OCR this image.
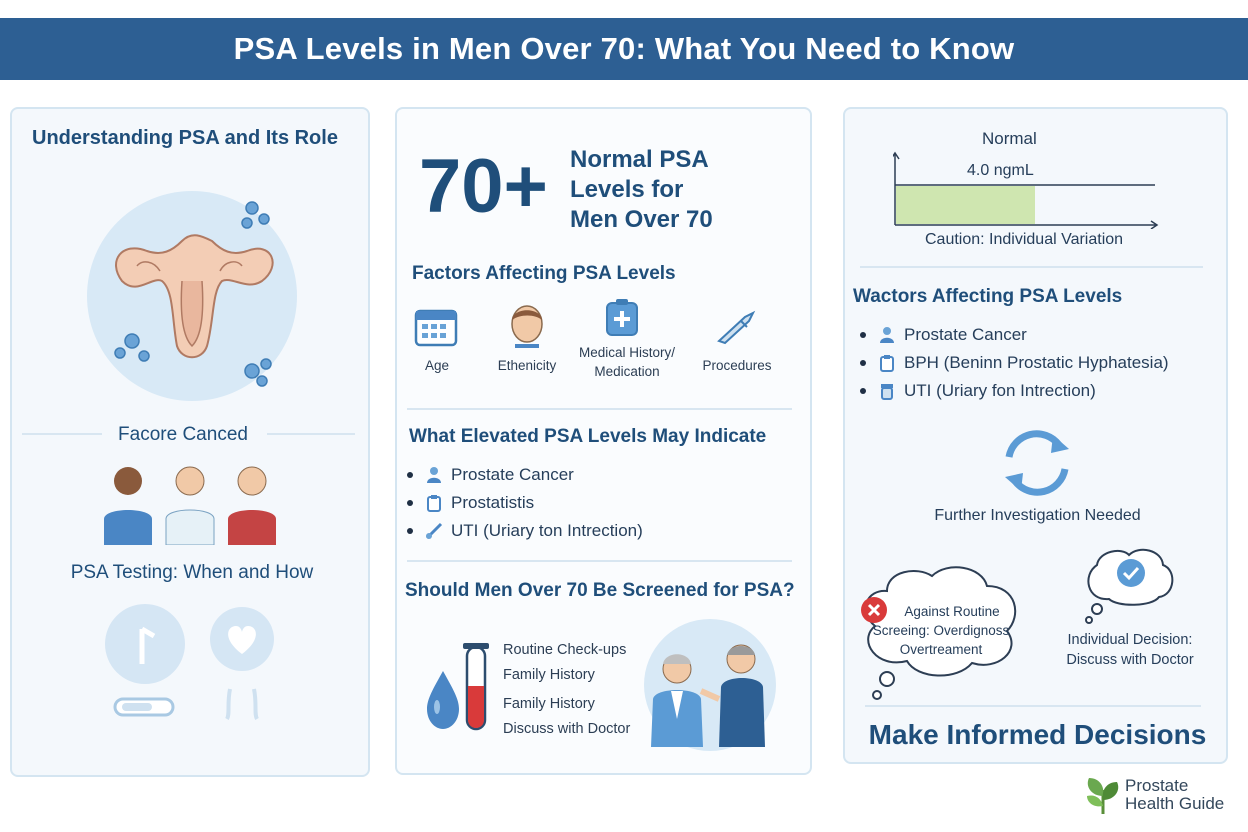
PSA Levels in Men Over 70: What You Need to Know
Understanding PSA and Its Role
Facore Canced
PSA Testing: When and How
70+ Normal PSA
Levels for
Men Over 70
Factors Affecting PSA Levels
Age	Ethenicity
Medical History/ Medication	Procedures
What Elevated PSA Levels May Indicate
Prostate Cancer
Prostatistis
UTI (Uriary ton Intrection)
Should Men Over 70 Be Screened for PSA?
Routine Check-ups
Family History
Family History
Discuss with Doctor
Normal
4.0 ngmL
Caution: Individual Variation
Wactors Affecting PSA Levels
Prostate Cancer
BPH (Beninn Prostatic Hyphatesia)
UTI (Uriary fon Intrection)
Further Investigation Needed
Against Routine
Screeing: Overdignoss
Overtreament
Individual Decision:
Discuss with Doctor
Make Informed Decisions
Prostate
Health Guide
